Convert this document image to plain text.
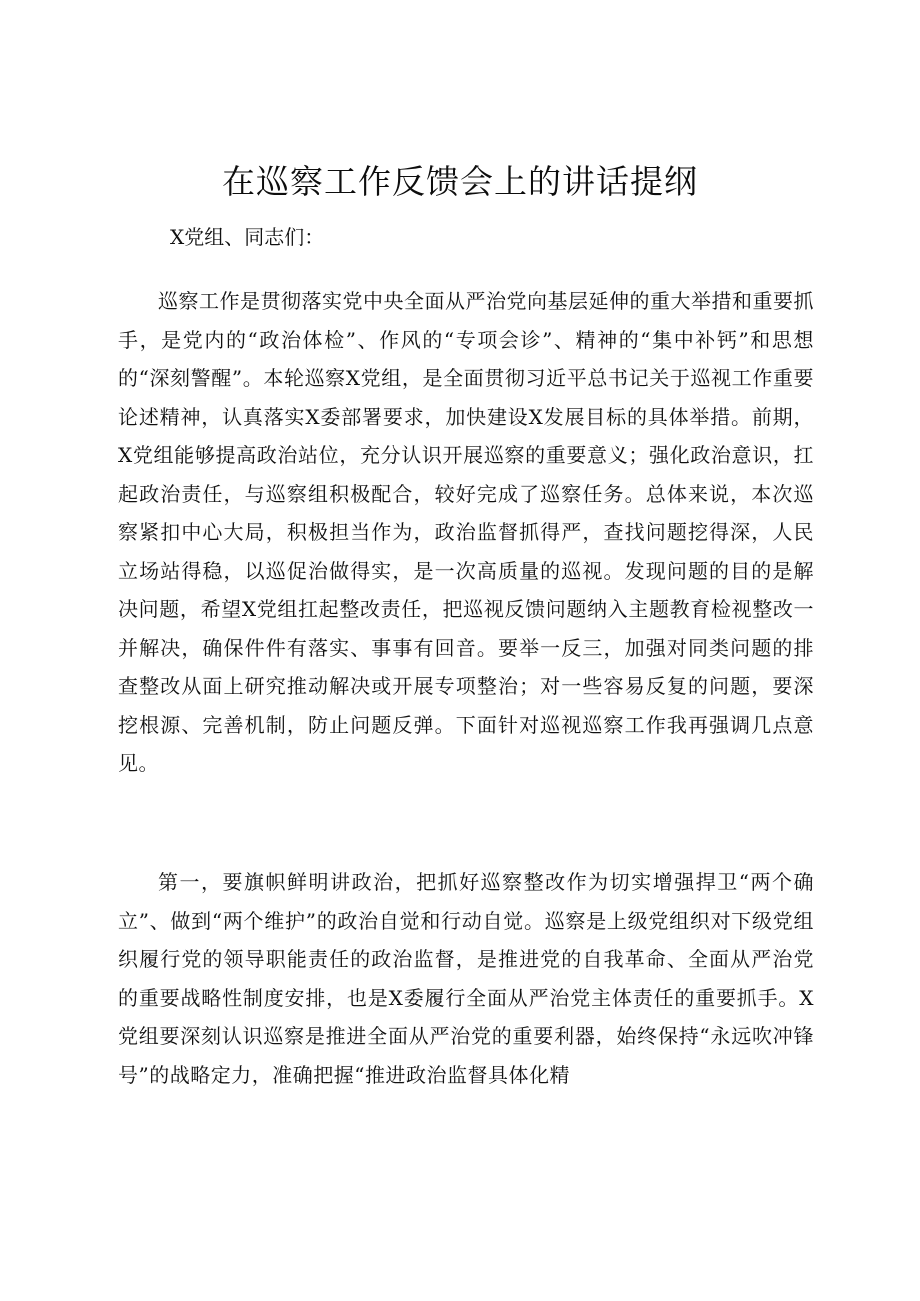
在巡察工作反馈会上的讲话提纲

X党组、同志们：

巡察工作是贯彻落实党中央全面从严治党向基层延伸的重大举措和重要抓手，是党内的“政治体检”、作风的“专项会诊”、精神的“集中补钙”和思想的“深刻警醒”。本轮巡察X党组，是全面贯彻习近平总书记关于巡视工作重要论述精神，认真落实X委部署要求，加快建设X发展目标的具体举措。前期，X党组能够提高政治站位，充分认识开展巡察的重要意义；强化政治意识，扛起政治责任，与巡察组积极配合，较好完成了巡察任务。总体来说，本次巡察紧扣中心大局，积极担当作为，政治监督抓得严，查找问题挖得深，人民立场站得稳，以巡促治做得实，是一次高质量的巡视。发现问题的目的是解决问题，希望X党组扛起整改责任，把巡视反馈问题纳入主题教育检视整改一并解决，确保件件有落实、事事有回音。要举一反三，加强对同类问题的排查整改从面上研究推动解决或开展专项整治；对一些容易反复的问题，要深挖根源、完善机制，防止问题反弹。下面针对巡视巡察工作我再强调几点意见。

第一，要旗帜鲜明讲政治，把抓好巡察整改作为切实增强捍卫“两个确立”、做到“两个维护”的政治自觉和行动自觉。巡察是上级党组织对下级党组织履行党的领导职能责任的政治监督，是推进党的自我革命、全面从严治党的重要战略性制度安排，也是X委履行全面从严治党主体责任的重要抓手。X党组要深刻认识巡察是推进全面从严治党的重要利器，始终保持“永远吹冲锋号”的战略定力，准确把握“推进政治监督具体化精
